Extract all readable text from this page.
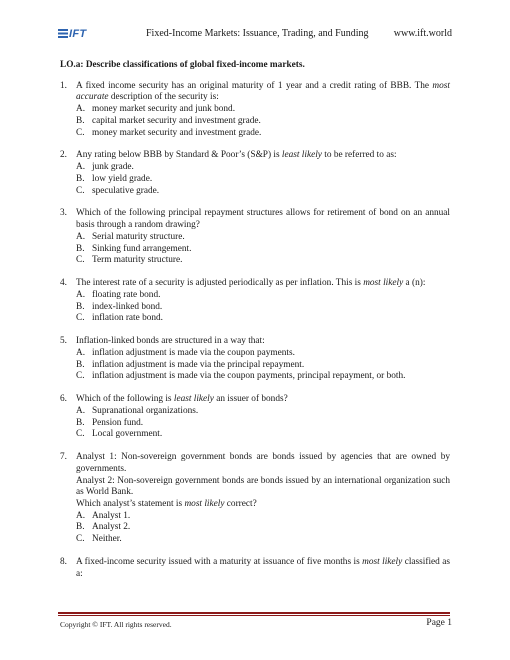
IFT	Fixed-Income Markets: Issuance, Trading, and Funding	www.ift.world
LO.a: Describe classifications of global fixed-income markets.
1. A fixed income security has an original maturity of 1 year and a credit rating of BBB. The most accurate description of the security is:
A. money market security and junk bond.
B. capital market security and investment grade.
C. money market security and investment grade.
2. Any rating below BBB by Standard & Poor’s (S&P) is least likely to be referred to as:
A. junk grade.
B. low yield grade.
C. speculative grade.
3. Which of the following principal repayment structures allows for retirement of bond on an annual basis through a random drawing?
A. Serial maturity structure.
B. Sinking fund arrangement.
C. Term maturity structure.
4. The interest rate of a security is adjusted periodically as per inflation. This is most likely a (n):
A. floating rate bond.
B. index-linked bond.
C. inflation rate bond.
5. Inflation-linked bonds are structured in a way that:
A. inflation adjustment is made via the coupon payments.
B. inflation adjustment is made via the principal repayment.
C. inflation adjustment is made via the coupon payments, principal repayment, or both.
6. Which of the following is least likely an issuer of bonds?
A. Supranational organizations.
B. Pension fund.
C. Local government.
7. Analyst 1: Non-sovereign government bonds are bonds issued by agencies that are owned by governments.
Analyst 2: Non-sovereign government bonds are bonds issued by an international organization such as World Bank.
Which analyst’s statement is most likely correct?
A. Analyst 1.
B. Analyst 2.
C. Neither.
8. A fixed-income security issued with a maturity at issuance of five months is most likely classified as a:
Copyright © IFT. All rights reserved.	Page 1
